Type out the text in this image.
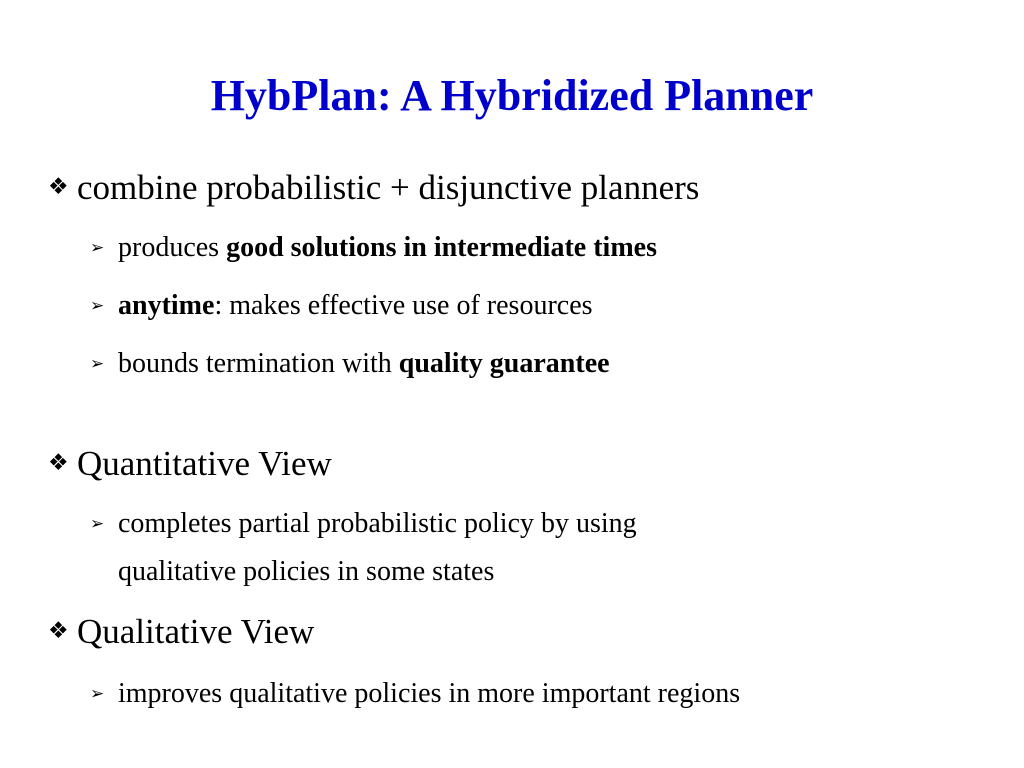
HybPlan: A Hybridized Planner
❖ combine probabilistic + disjunctive planners
➢ produces good solutions in intermediate times
➢ anytime: makes effective use of resources
➢ bounds termination with quality guarantee
❖ Quantitative View
➢ completes partial probabilistic policy by using
qualitative policies in some states
❖ Qualitative View
➢ improves qualitative policies in more important regions
